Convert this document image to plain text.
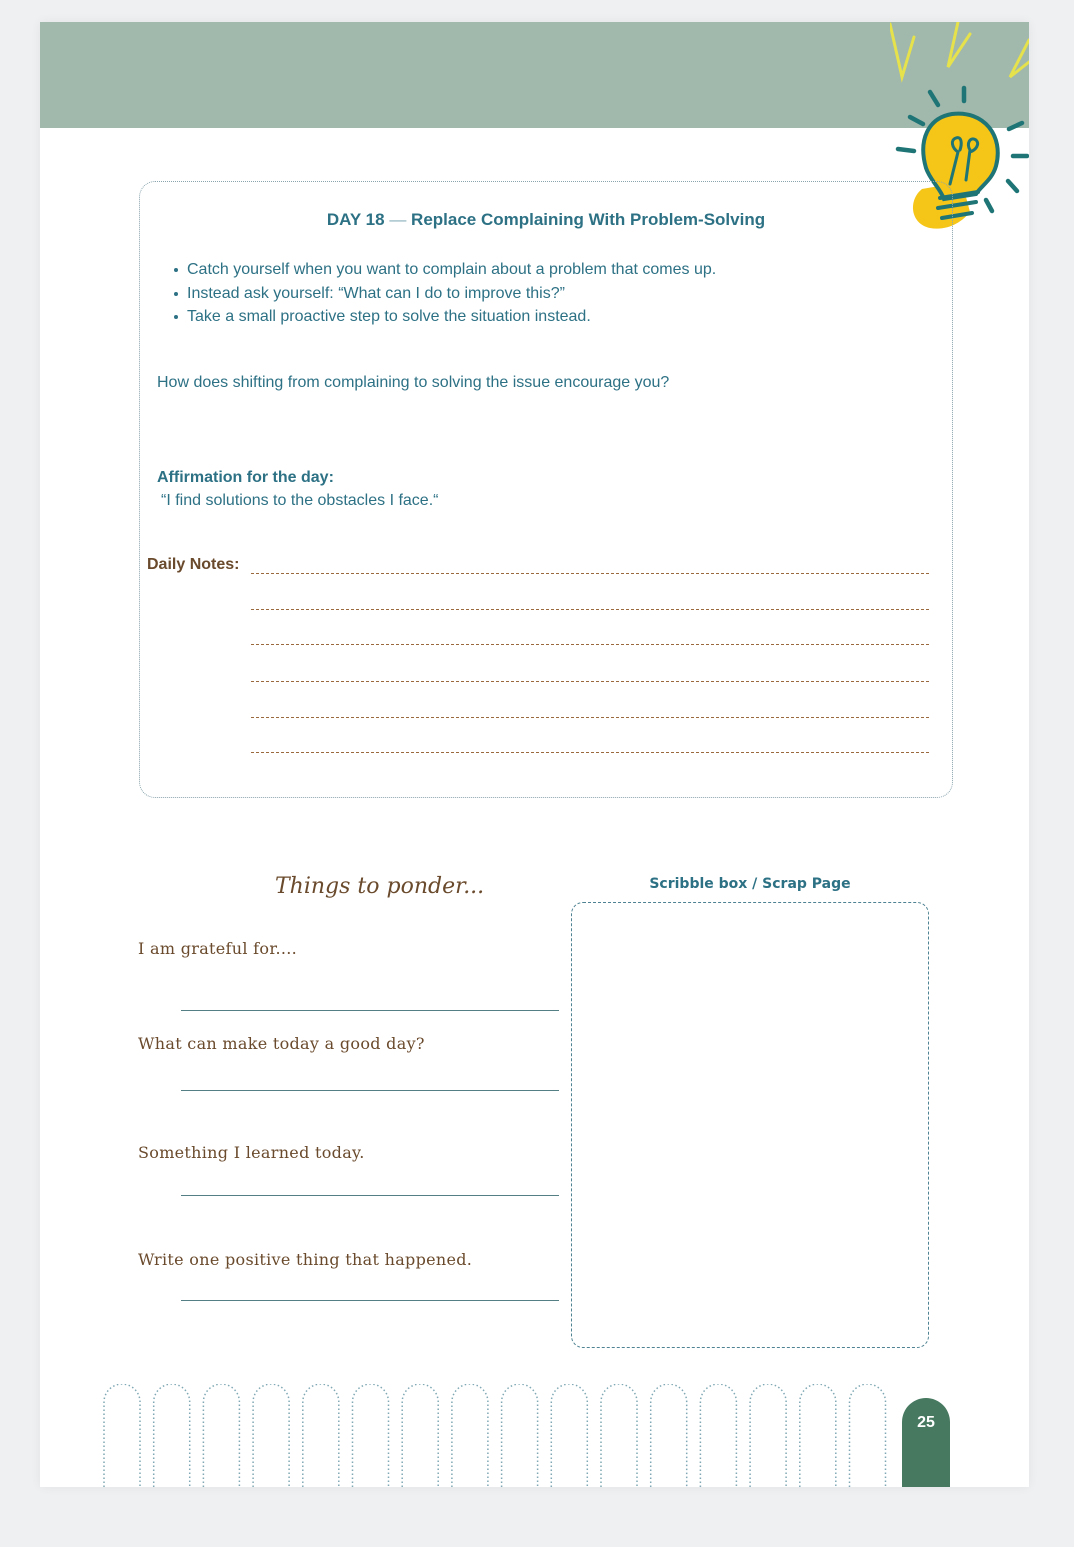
DAY 18 — Replace Complaining With Problem-Solving
Catch yourself when you want to complain about a problem that comes up.
Instead ask yourself: “What can I do to improve this?”
Take a small proactive step to solve the situation instead.
How does shifting from complaining to solving the issue encourage you?
Affirmation for the day:
“I find solutions to the obstacles I face.“
Daily Notes:
Things to ponder...
I am grateful for....
What can make today a good day?
Something I learned today.
Write one positive thing that happened.
Scribble box / Scrap Page
25
